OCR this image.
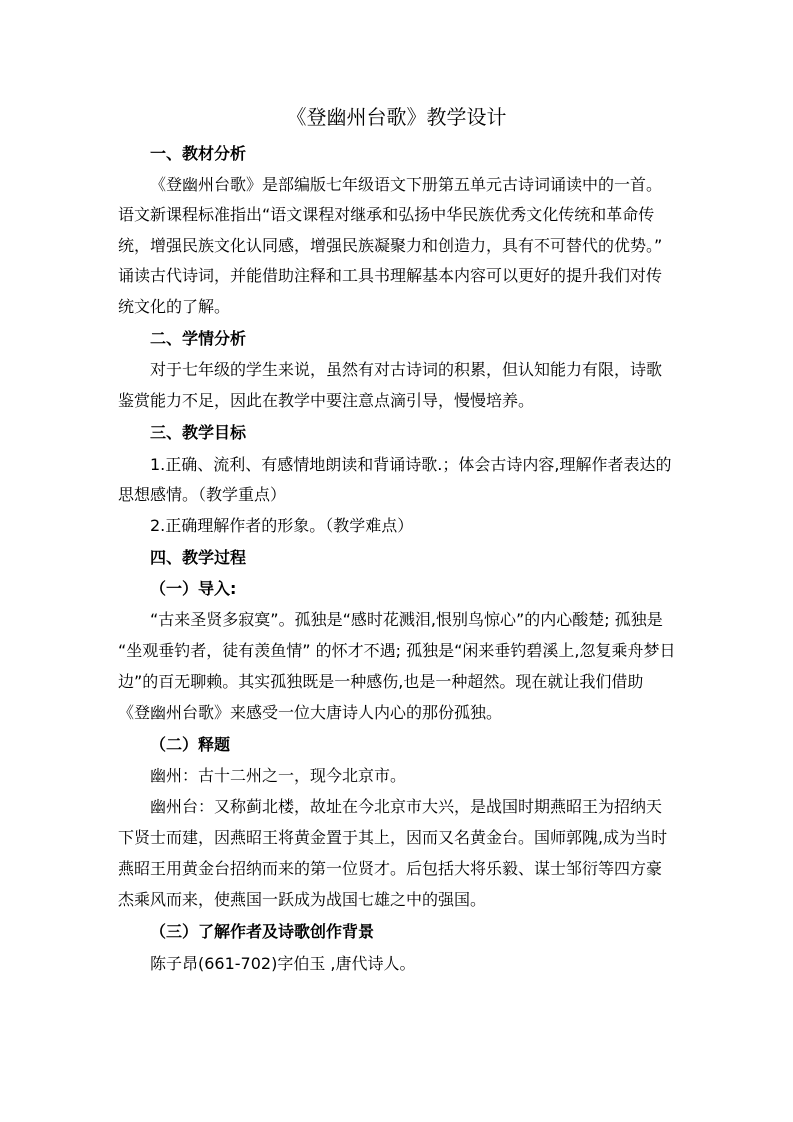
《登幽州台歌》教学设计
一、教材分析
《登幽州台歌》是部编版七年级语文下册第五单元古诗词诵读中的一首。
语文新课程标准指出“语文课程对继承和弘扬中华民族优秀文化传统和革命传
统，增强民族文化认同感，增强民族凝聚力和创造力，具有不可替代的优势。”
诵读古代诗词，并能借助注释和工具书理解基本内容可以更好的提升我们对传
统文化的了解。
二、学情分析
对于七年级的学生来说，虽然有对古诗词的积累，但认知能力有限，诗歌
鉴赏能力不足，因此在教学中要注意点滴引导，慢慢培养。
三、教学目标
1.正确、流利、有感情地朗读和背诵诗歌.；体会古诗内容,理解作者表达的
思想感情。（教学重点）
2.正确理解作者的形象。（教学难点）
四、教学过程
（一）导入:
“古来圣贤多寂寞”。孤独是“感时花溅泪,恨别鸟惊心”的内心酸楚; 孤独是
“坐观垂钓者，徒有羡鱼情” 的怀才不遇; 孤独是“闲来垂钓碧溪上,忽复乘舟梦日
边”的百无聊赖。其实孤独既是一种感伤,也是一种超然。现在就让我们借助
《登幽州台歌》来感受一位大唐诗人内心的那份孤独。
（二）释题
幽州：古十二州之一，现今北京市。
幽州台：又称蓟北楼，故址在今北京市大兴，是战国时期燕昭王为招纳天
下贤士而建，因燕昭王将黄金置于其上，因而又名黄金台。国师郭隗,成为当时
燕昭王用黄金台招纳而来的第一位贤才。后包括大将乐毅、谋士邹衍等四方豪
杰乘风而来，使燕国一跃成为战国七雄之中的强国。
（三）了解作者及诗歌创作背景
陈子昂(661-702)字伯玉 ,唐代诗人。
